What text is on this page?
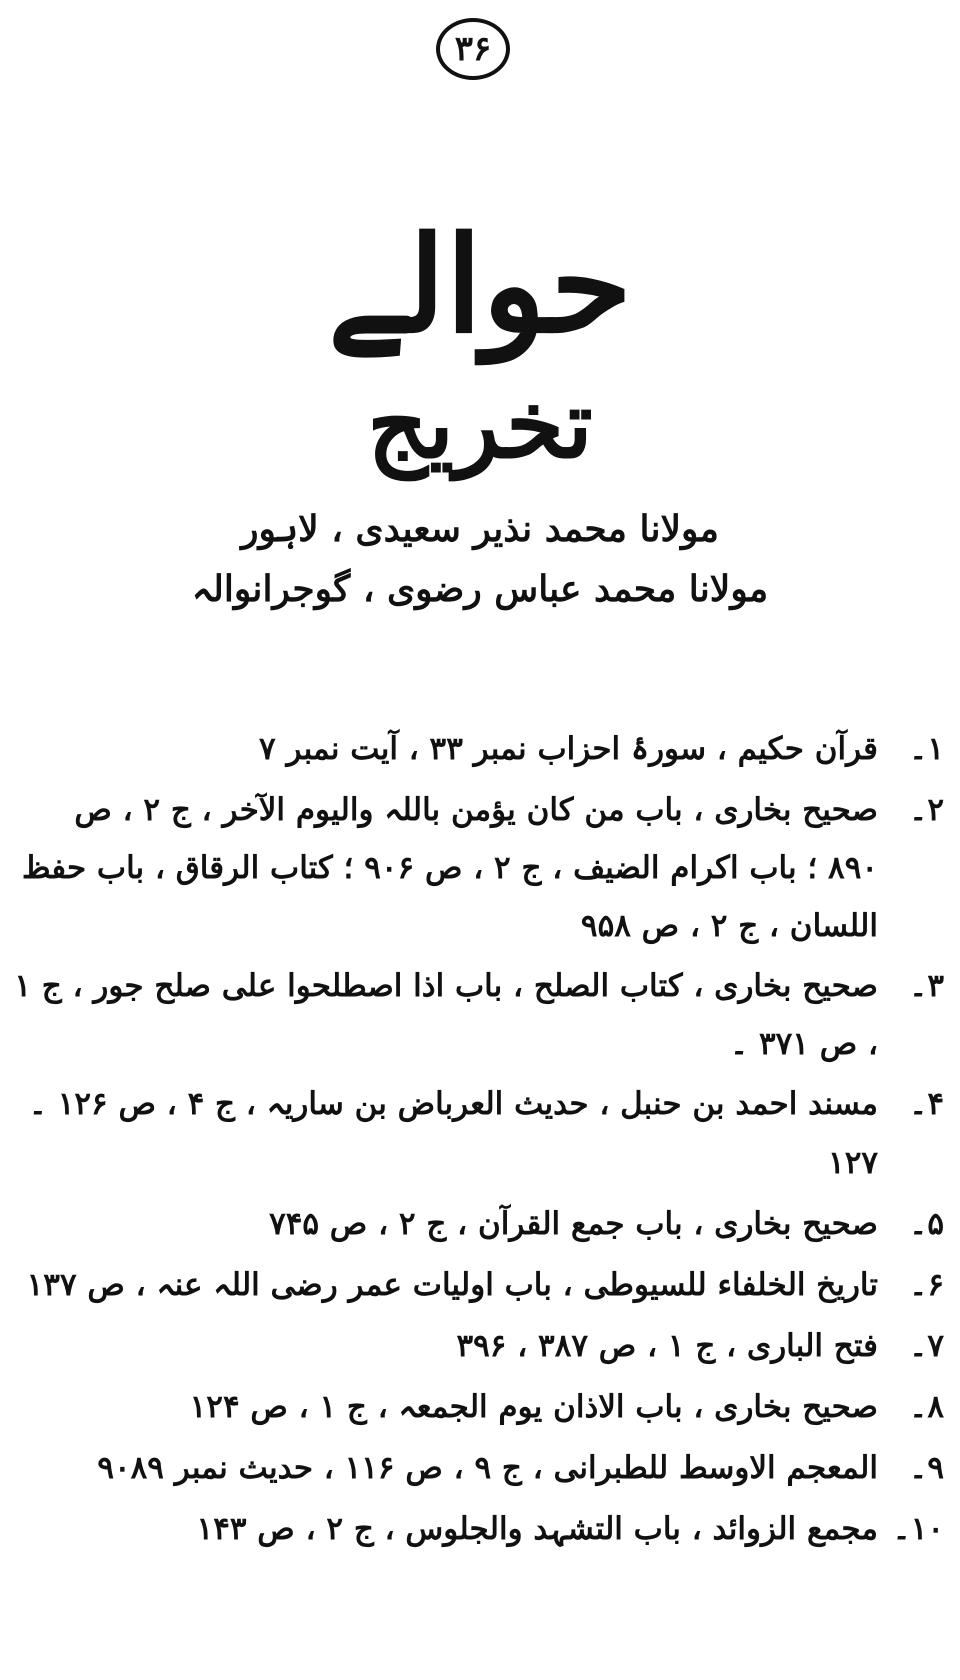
۳۶
حوالے
تخریج
مولانا محمد نذیر سعیدی ، لاہور
مولانا محمد عباس رضوی ، گوجرانوالہ
۱۔
قرآن حکیم ، سورۂ احزاب نمبر ۳۳ ، آیت نمبر ۷
۲۔
صحیح بخاری ، باب من کان یؤمن باللہ والیوم الآخر ، ج ۲ ، ص ۸۹۰ ؛ باب اکرام الضیف ، ج ۲ ، ص ۹۰۶ ؛ کتاب الرقاق ، باب حفظ اللسان ، ج ۲ ، ص ۹۵۸
۳۔
صحیح بخاری ، کتاب الصلح ، باب اذا اصطلحوا علی صلح جور ، ج ۱ ، ص ۳۷۱ ۔
۴۔
مسند احمد بن حنبل ، حدیث العرباض بن ساریہ ، ج ۴ ، ص ۱۲۶ ۔ ۱۲۷
۵۔
صحیح بخاری ، باب جمع القرآن ، ج ۲ ، ص ۷۴۵
۶۔
تاریخ الخلفاء للسیوطی ، باب اولیات عمر رضی اللہ عنہ ، ص ۱۳۷
۷۔
فتح الباری ، ج ۱ ، ص ۳۸۷ ، ۳۹۶
۸۔
صحیح بخاری ، باب الاذان یوم الجمعہ ، ج ۱ ، ص ۱۲۴
۹۔
المعجم الاوسط للطبرانی ، ج ۹ ، ص ۱۱۶ ، حدیث نمبر ۹۰۸۹
۱۰۔
مجمع الزوائد ، باب التشہد والجلوس ، ج ۲ ، ص ۱۴۳
